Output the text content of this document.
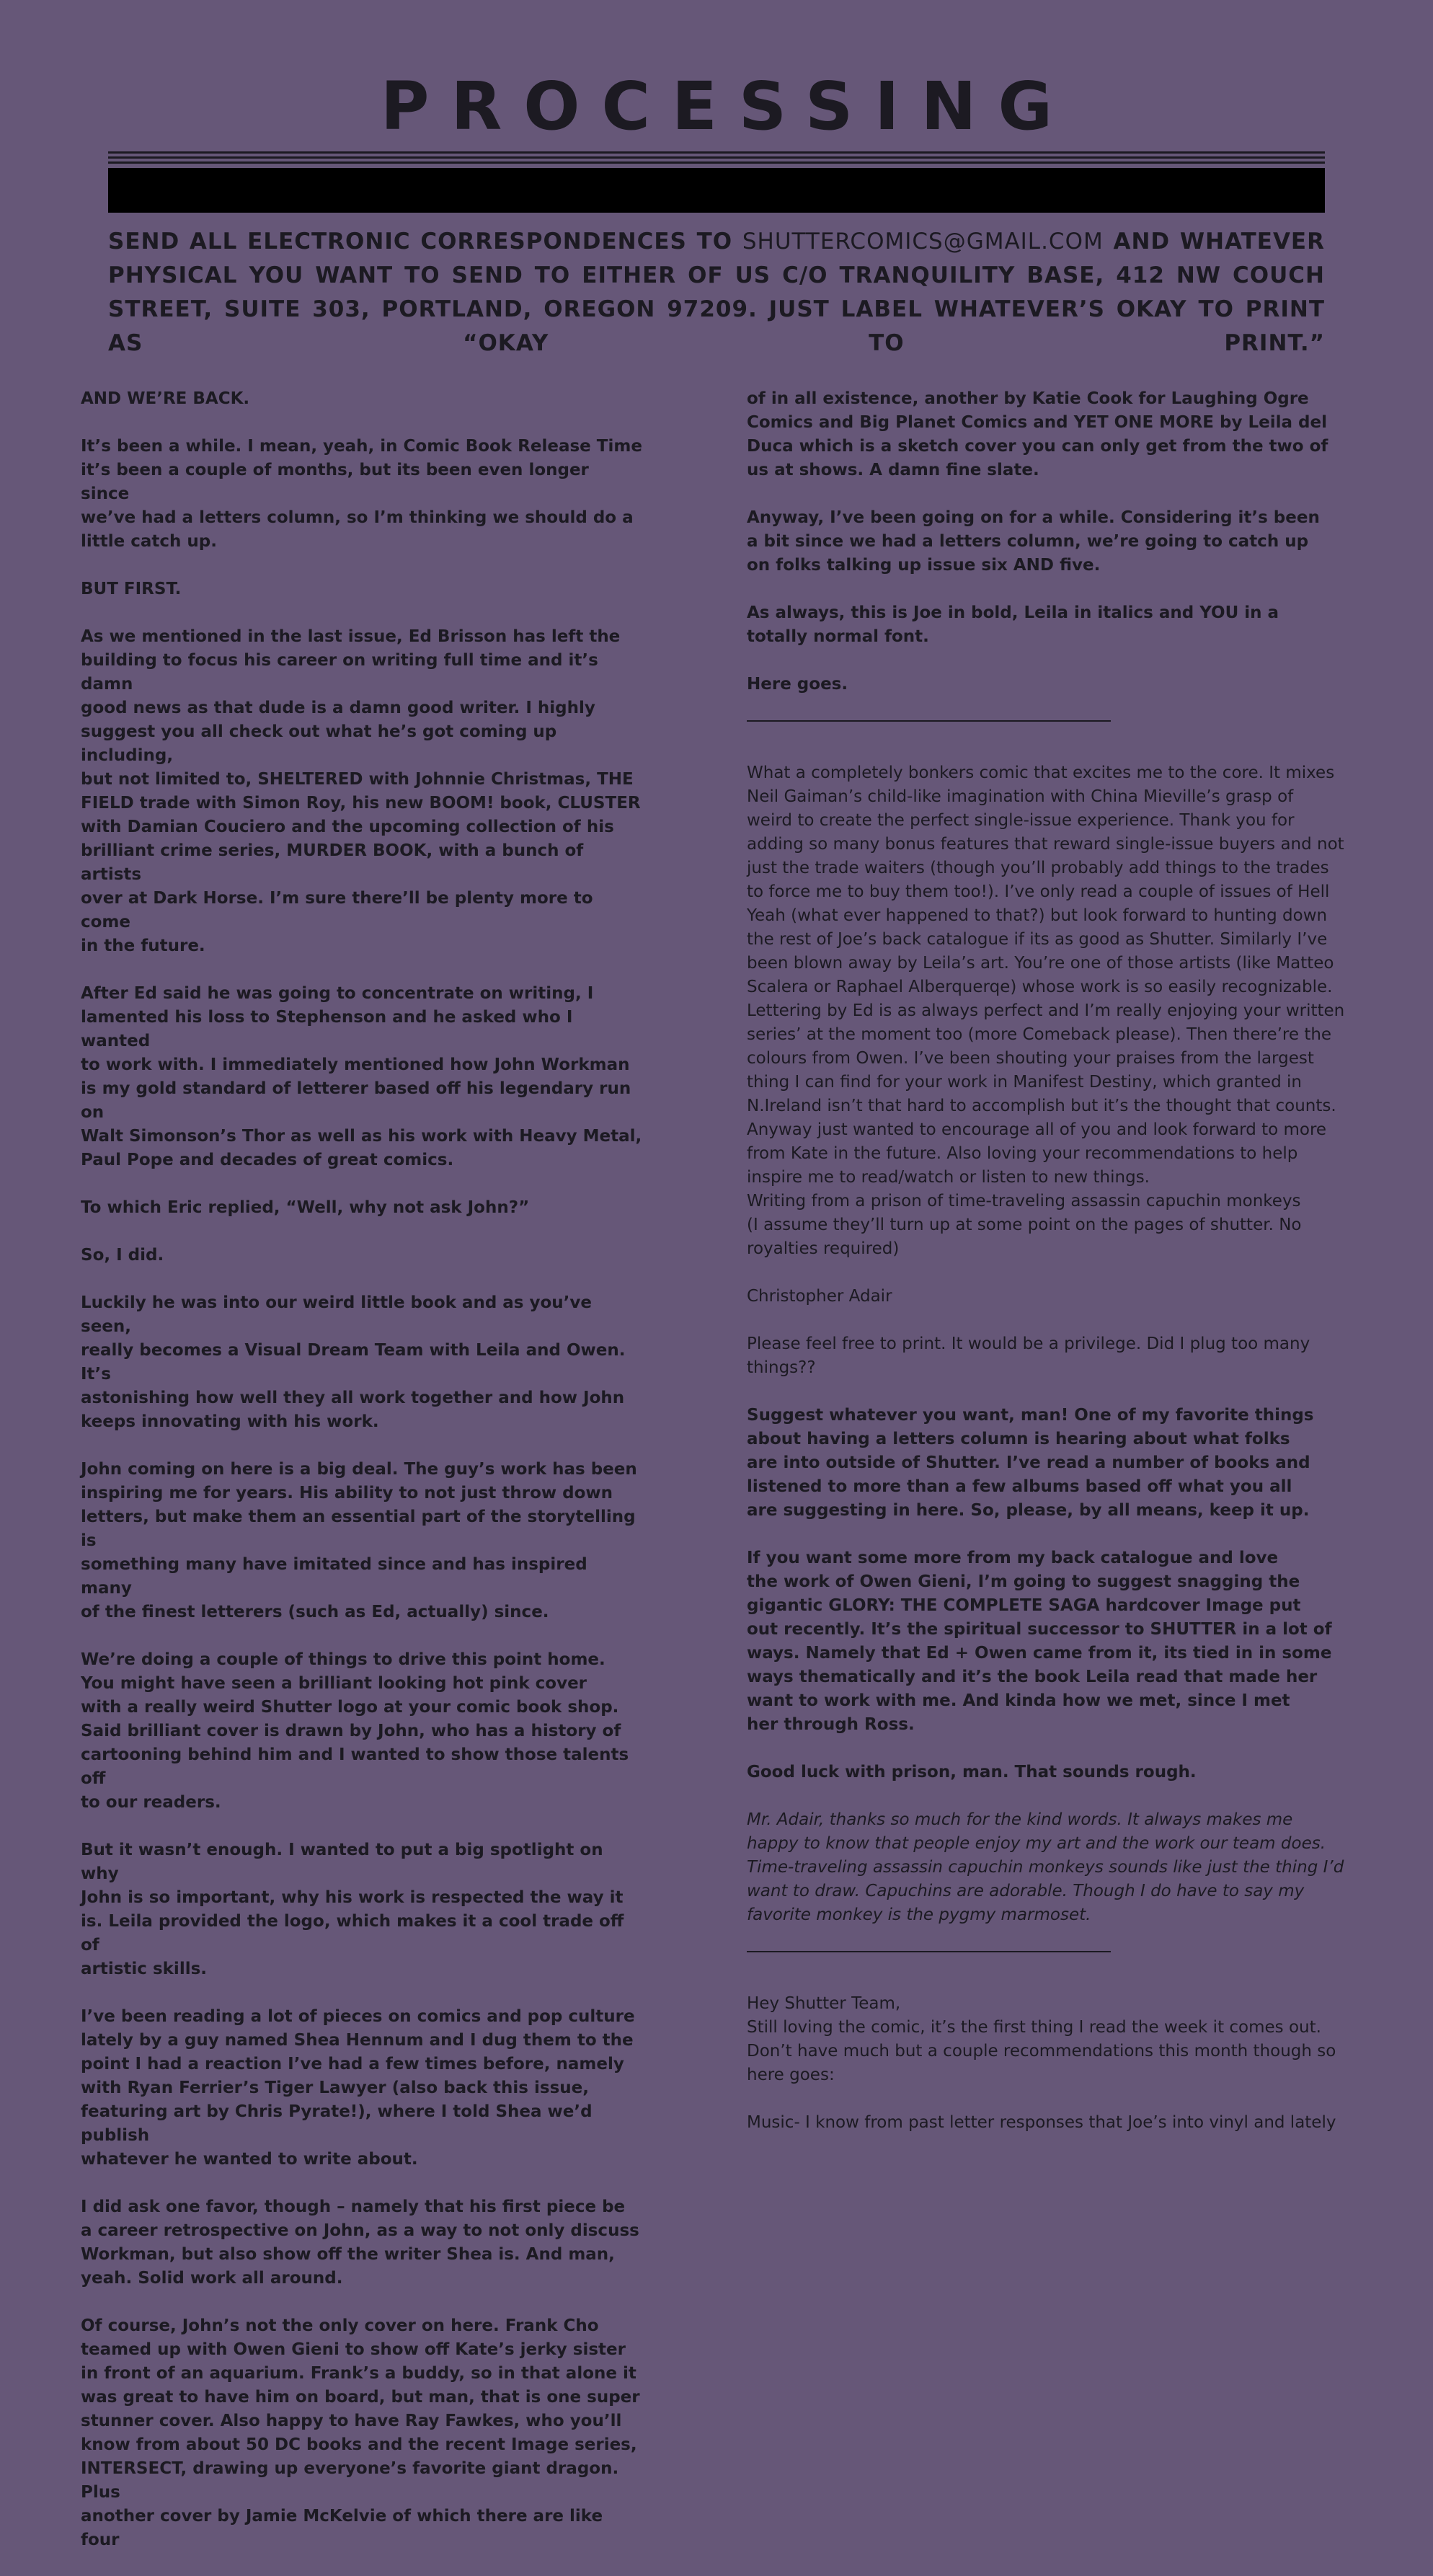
PROCESSING
SEND ALL ELECTRONIC CORRESPONDENCES TO SHUTTERCOMICS@GMAIL.COM AND WHATEVER PHYSICAL YOU WANT TO SEND TO EITHER OF US C/O TRANQUILITY BASE, 412 NW COUCH STREET, SUITE 303, PORTLAND, OREGON 97209. JUST LABEL WHATEVER’S OKAY TO PRINT AS “OKAY TO PRINT.”

AND WE’RE BACK.

It’s been a while. I mean, yeah, in Comic Book Release Time
it’s been a couple of months, but its been even longer since
we’ve had a letters column, so I’m thinking we should do a
little catch up.

BUT FIRST.

As we mentioned in the last issue, Ed Brisson has left the
building to focus his career on writing full time and it’s damn
good news as that dude is a damn good writer. I highly
suggest you all check out what he’s got coming up including,
but not limited to, SHELTERED with Johnnie Christmas, THE
FIELD trade with Simon Roy, his new BOOM! book, CLUSTER
with Damian Couciero and the upcoming collection of his
brilliant crime series, MURDER BOOK, with a bunch of artists
over at Dark Horse. I’m sure there’ll be plenty more to come
in the future.

After Ed said he was going to concentrate on writing, I
lamented his loss to Stephenson and he asked who I wanted
to work with. I immediately mentioned how John Workman
is my gold standard of letterer based off his legendary run on
Walt Simonson’s Thor as well as his work with Heavy Metal,
Paul Pope and decades of great comics.

To which Eric replied, “Well, why not ask John?”

So, I did.

Luckily he was into our weird little book and as you’ve seen,
really becomes a Visual Dream Team with Leila and Owen. It’s
astonishing how well they all work together and how John
keeps innovating with his work.

John coming on here is a big deal. The guy’s work has been
inspiring me for years. His ability to not just throw down
letters, but make them an essential part of the storytelling is
something many have imitated since and has inspired many
of the finest letterers (such as Ed, actually) since.

We’re doing a couple of things to drive this point home.
You might have seen a brilliant looking hot pink cover
with a really weird Shutter logo at your comic book shop.
Said brilliant cover is drawn by John, who has a history of
cartooning behind him and I wanted to show those talents off
to our readers.

But it wasn’t enough. I wanted to put a big spotlight on why
John is so important, why his work is respected the way it
is. Leila provided the logo, which makes it a cool trade off of
artistic skills.

I’ve been reading a lot of pieces on comics and pop culture
lately by a guy named Shea Hennum and I dug them to the
point I had a reaction I’ve had a few times before, namely
with Ryan Ferrier’s Tiger Lawyer (also back this issue,
featuring art by Chris Pyrate!), where I told Shea we’d publish
whatever he wanted to write about.

I did ask one favor, though – namely that his first piece be
a career retrospective on John, as a way to not only discuss
Workman, but also show off the writer Shea is. And man,
yeah. Solid work all around.

Of course, John’s not the only cover on here. Frank Cho
teamed up with Owen Gieni to show off Kate’s jerky sister
in front of an aquarium. Frank’s a buddy, so in that alone it
was great to have him on board, but man, that is one super
stunner cover. Also happy to have Ray Fawkes, who you’ll
know from about 50 DC books and the recent Image series,
INTERSECT, drawing up everyone’s favorite giant dragon. Plus
another cover by Jamie McKelvie of which there are like four

of in all existence, another by Katie Cook for Laughing Ogre
Comics and Big Planet Comics and YET ONE MORE by Leila del
Duca which is a sketch cover you can only get from the two of
us at shows. A damn fine slate.

Anyway, I’ve been going on for a while. Considering it’s been
a bit since we had a letters column, we’re going to catch up
on folks talking up issue six AND five.

As always, this is Joe in bold, Leila in italics and YOU in a
totally normal font.

Here goes.

What a completely bonkers comic that excites me to the core. It mixes
Neil Gaiman’s child-like imagination with China Mieville’s grasp of
weird to create the perfect single-issue experience. Thank you for
adding so many bonus features that reward single-issue buyers and not
just the trade waiters (though you’ll probably add things to the trades
to force me to buy them too!). I’ve only read a couple of issues of Hell
Yeah (what ever happened to that?) but look forward to hunting down
the rest of Joe’s back catalogue if its as good as Shutter. Similarly I’ve
been blown away by Leila’s art. You’re one of those artists (like Matteo
Scalera or Raphael Alberquerqe) whose work is so easily recognizable.
Lettering by Ed is as always perfect and I’m really enjoying your written
series’ at the moment too (more Comeback please). Then there’re the
colours from Owen. I’ve been shouting your praises from the largest
thing I can find for your work in Manifest Destiny, which granted in
N.Ireland isn’t that hard to accomplish but it’s the thought that counts.
Anyway just wanted to encourage all of you and look forward to more
from Kate in the future. Also loving your recommendations to help
inspire me to read/watch or listen to new things.

Writing from a prison of time-traveling assassin capuchin monkeys
(I assume they’ll turn up at some point on the pages of shutter. No
royalties required)

Christopher Adair

Please feel free to print. It would be a privilege. Did I plug too many
things??

Suggest whatever you want, man! One of my favorite things
about having a letters column is hearing about what folks
are into outside of Shutter. I’ve read a number of books and
listened to more than a few albums based off what you all
are suggesting in here. So, please, by all means, keep it up.

If you want some more from my back catalogue and love
the work of Owen Gieni, I’m going to suggest snagging the
gigantic GLORY: THE COMPLETE SAGA hardcover Image put
out recently. It’s the spiritual successor to SHUTTER in a lot of
ways. Namely that Ed + Owen came from it, its tied in in some
ways thematically and it’s the book Leila read that made her
want to work with me. And kinda how we met, since I met
her through Ross.

Good luck with prison, man. That sounds rough.

Mr. Adair, thanks so much for the kind words. It always makes me
happy to know that people enjoy my art and the work our team does.
Time-traveling assassin capuchin monkeys sounds like just the thing I’d
want to draw. Capuchins are adorable. Though I do have to say my
favorite monkey is the pygmy marmoset.

Hey Shutter Team,
Still loving the comic, it’s the first thing I read the week it comes out.
Don’t have much but a couple recommendations this month though so
here goes:

Music- I know from past letter responses that Joe’s into vinyl and lately
